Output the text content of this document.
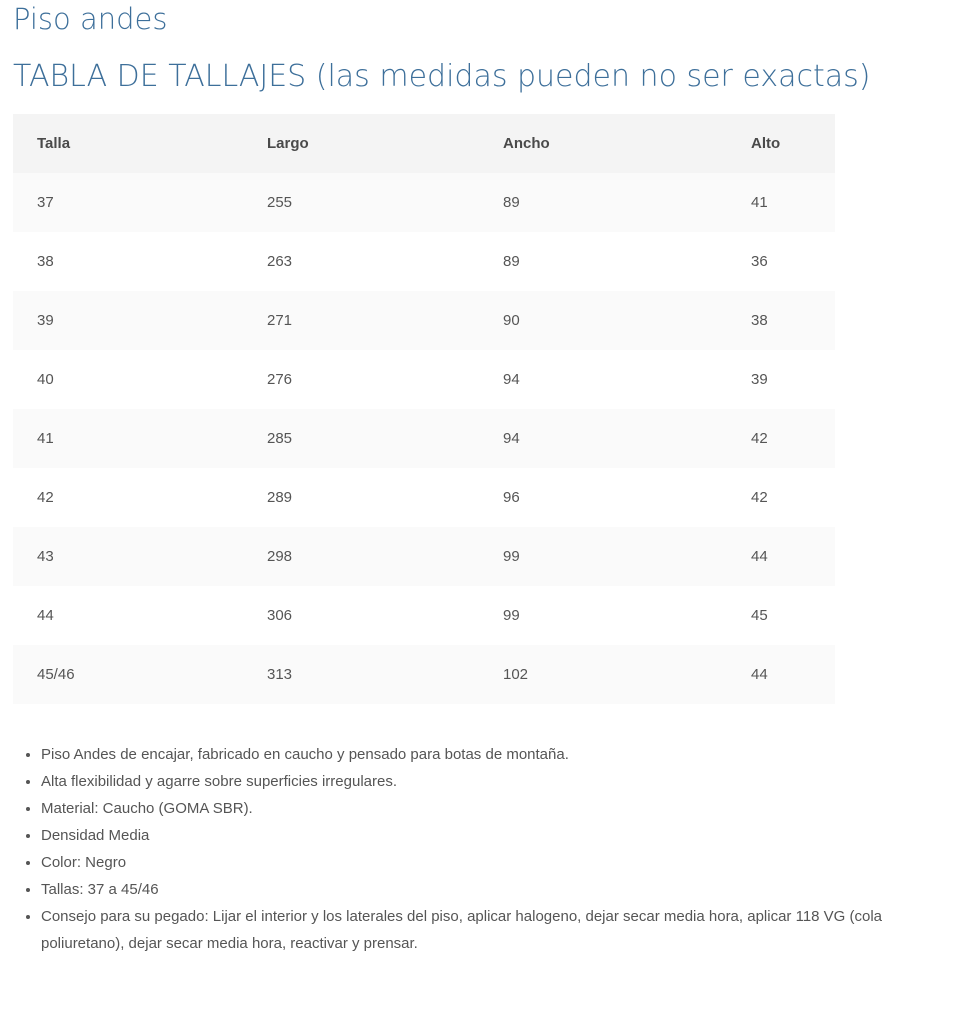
Piso andes
TABLA DE TALLAJES (las medidas pueden no ser exactas)
Talla	Largo	Ancho	Alto
37	255	89	41
38	263	89	36
39	271	90	38
40	276	94	39
41	285	94	42
42	289	96	42
43	298	99	44
44	306	99	45
45/46	313	102	44
• Piso Andes de encajar, fabricado en caucho y pensado para botas de montaña.
• Alta flexibilidad y agarre sobre superficies irregulares.
• Material: Caucho (GOMA SBR).
• Densidad Media
• Color: Negro
• Tallas: 37 a 45/46
• Consejo para su pegado: Lijar el interior y los laterales del piso, aplicar halogeno, dejar secar media hora, aplicar 118 VG (cola poliuretano), dejar secar media hora, reactivar y prensar.
